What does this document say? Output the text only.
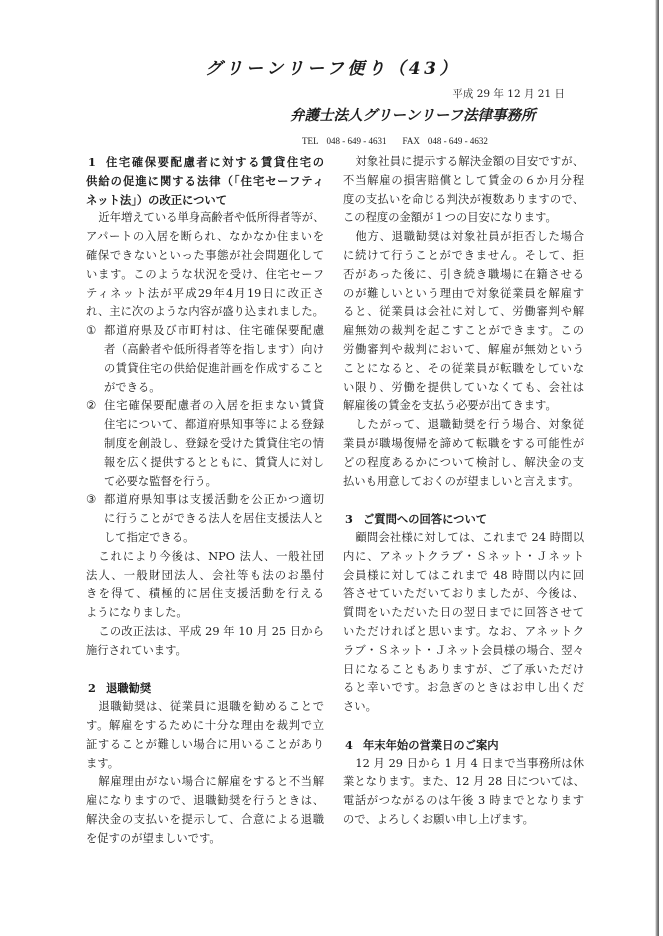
グリーンリーフ便り（43）
平成 29 年 12 月 21 日
弁護士法人グリーンリーフ法律事務所
TEL 048 - 649 - 4631 FAX 048 - 649 - 4632
1 住宅確保要配慮者に対する賃貸住宅の
供給の促進に関する法律（「住宅セーフティ
ネット法」）の改正について
近年増えている単身高齢者や低所得者等が、
アパートの入居を断られ、なかなか住まいを
確保できないといった事態が社会問題化して
います。このような状況を受け、住宅セーフ
ティネット法が平成29年4月19日に改正さ
れ、主に次のような内容が盛り込まれました。
① 都道府県及び市町村は、住宅確保要配慮
者（高齢者や低所得者等を指します）向け
の賃貸住宅の供給促進計画を作成すること
ができる。
② 住宅確保要配慮者の入居を拒まない賃貸
住宅について、都道府県知事等による登録
制度を創設し、登録を受けた賃貸住宅の情
報を広く提供するとともに、賃貸人に対し
て必要な監督を行う。
③ 都道府県知事は支援活動を公正かつ適切
に行うことができる法人を居住支援法人と
して指定できる。
これにより今後は、NPO 法人、一般社団
法人、一般財団法人、会社等も法のお墨付
きを得て、積極的に居住支援活動を行える
ようになりました。
この改正法は、平成 29 年 10 月 25 日から
施行されています。
2 退職勧奨
退職勧奨は、従業員に退職を勧めることで
す。解雇をするために十分な理由を裁判で立
証することが難しい場合に用いることがあり
ます。
解雇理由がない場合に解雇をすると不当解
雇になりますので、退職勧奨を行うときは、
解決金の支払いを提示して、合意による退職
を促すのが望ましいです。
対象社員に提示する解決金額の目安ですが、
不当解雇の損害賠償として賃金の６か月分程
度の支払いを命じる判決が複数ありますので、
この程度の金額が１つの目安になります。
他方、退職勧奨は対象社員が拒否した場合
に続けて行うことができません。そして、拒
否があった後に、引き続き職場に在籍させる
のが難しいという理由で対象従業員を解雇す
ると、従業員は会社に対して、労働審判や解
雇無効の裁判を起こすことができます。この
労働審判や裁判において、解雇が無効という
ことになると、その従業員が転職をしていな
い限り、労働を提供していなくても、会社は
解雇後の賃金を支払う必要が出てきます。
したがって、退職勧奨を行う場合、対象従
業員が職場復帰を諦めて転職をする可能性が
どの程度あるかについて検討し、解決金の支
払いも用意しておくのが望ましいと言えます。
3 ご質問への回答について
顧問会社様に対しては、これまで 24 時間以
内に、アネットクラブ・Ｓネット・Ｊネット
会員様に対してはこれまで 48 時間以内に回
答させていただいておりましたが、今後は、
質問をいただいた日の翌日までに回答させて
いただければと思います。なお、アネットク
ラブ・Ｓネット・Ｊネット会員様の場合、翌々
日になることもありますが、ご了承いただけ
ると幸いです。お急ぎのときはお申し出くだ
さい。
4 年末年始の営業日のご案内
12 月 29 日から 1 月 4 日まで当事務所は休
業となります。また、12 月 28 日については、
電話がつながるのは午後 3 時までとなります
ので、よろしくお願い申し上げます。
